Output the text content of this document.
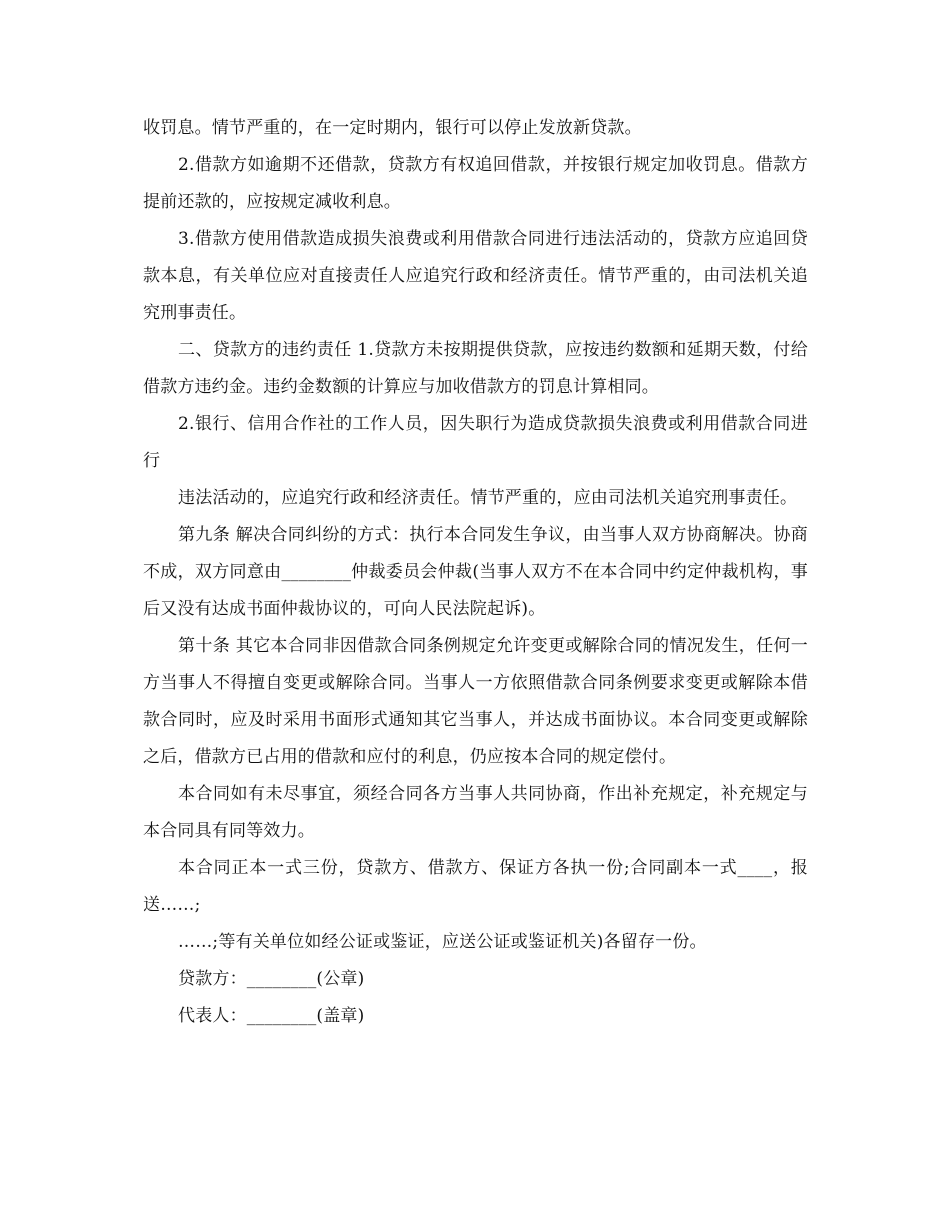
收罚息。情节严重的，在一定时期内，银行可以停止发放新贷款。

2.借款方如逾期不还借款，贷款方有权追回借款，并按银行规定加收罚息。借款方提前还款的，应按规定减收利息。

3.借款方使用借款造成损失浪费或利用借款合同进行违法活动的，贷款方应追回贷款本息，有关单位应对直接责任人应追究行政和经济责任。情节严重的，由司法机关追究刑事责任。

二、贷款方的违约责任 1.贷款方未按期提供贷款，应按违约数额和延期天数，付给借款方违约金。违约金数额的计算应与加收借款方的罚息计算相同。

2.银行、信用合作社的工作人员，因失职行为造成贷款损失浪费或利用借款合同进行

违法活动的，应追究行政和经济责任。情节严重的，应由司法机关追究刑事责任。

第九条 解决合同纠纷的方式：执行本合同发生争议，由当事人双方协商解决。协商不成，双方同意由________仲裁委员会仲裁(当事人双方不在本合同中约定仲裁机构，事后又没有达成书面仲裁协议的，可向人民法院起诉)。

第十条 其它本合同非因借款合同条例规定允许变更或解除合同的情况发生，任何一方当事人不得擅自变更或解除合同。当事人一方依照借款合同条例要求变更或解除本借款合同时，应及时采用书面形式通知其它当事人，并达成书面协议。本合同变更或解除之后，借款方已占用的借款和应付的利息，仍应按本合同的规定偿付。

本合同如有未尽事宜，须经合同各方当事人共同协商，作出补充规定，补充规定与本合同具有同等效力。

本合同正本一式三份，贷款方、借款方、保证方各执一份;合同副本一式____，报送……;

……;等有关单位如经公证或鉴证，应送公证或鉴证机关)各留存一份。

贷款方：________(公章)

代表人：________(盖章)
